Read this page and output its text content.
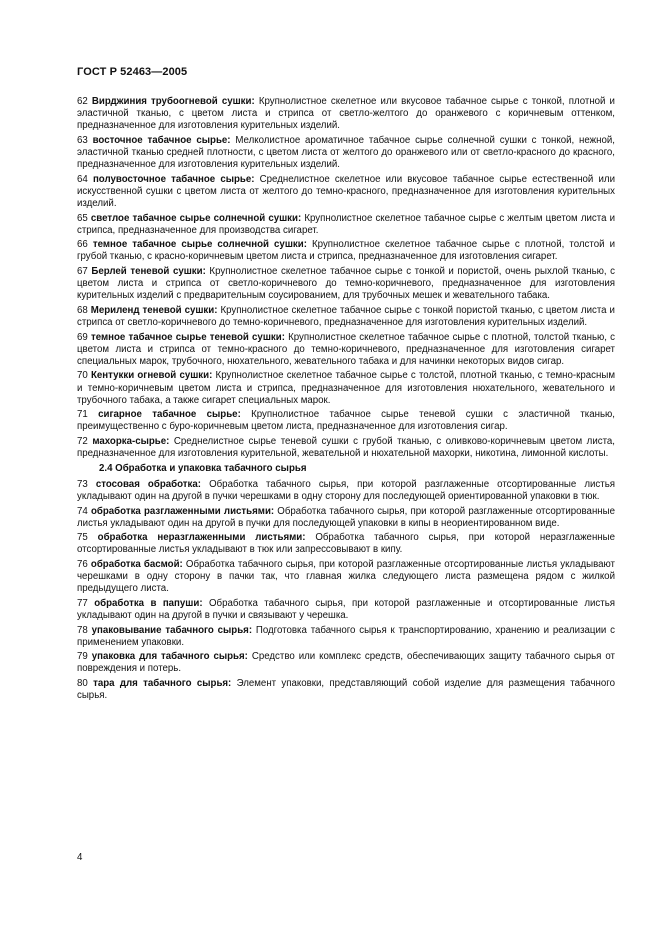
ГОСТ Р 52463—2005

62 Вирджиния трубоогневой сушки: Крупнолистное скелетное или вкусовое табачное сырье с тонкой, плотной и эластичной тканью, с цветом листа и стрипса от светло-желтого до оранжевого с коричневым оттенком, предназначенное для изготовления курительных изделий.

63 восточное табачное сырье: Мелколистное ароматичное табачное сырье солнечной сушки с тонкой, нежной, эластичной тканью средней плотности, с цветом листа от желтого до оранжевого или от светло-красного до красного, предназначенное для изготовления курительных изделий.

64 полувосточное табачное сырье: Среднелистное скелетное или вкусовое табачное сырье естественной или искусственной сушки с цветом листа от желтого до темно-красного, предназначенное для изготовления курительных изделий.

65 светлое табачное сырье солнечной сушки: Крупнолистное скелетное табачное сырье с желтым цветом листа и стрипса, предназначенное для производства сигарет.

66 темное табачное сырье солнечной сушки: Крупнолистное скелетное табачное сырье с плотной, толстой и грубой тканью, с красно-коричневым цветом листа и стрипса, предназначенное для изготовления сигарет.

67 Берлей теневой сушки: Крупнолистное скелетное табачное сырье с тонкой и пористой, очень рыхлой тканью, с цветом листа и стрипса от светло-коричневого до темно-коричневого, предназначенное для изготовления курительных изделий с предварительным соусированием, для трубочных мешек и жевательного табака.

68 Мериленд теневой сушки: Крупнолистное скелетное табачное сырье с тонкой пористой тканью, с цветом листа и стрипса от светло-коричневого до темно-коричневого, предназначенное для изготовления курительных изделий.

69 темное табачное сырье теневой сушки: Крупнолистное скелетное табачное сырье с плотной, толстой тканью, с цветом листа и стрипса от темно-красного до темно-коричневого, предназначенное для изготовления сигарет специальных марок, трубочного, нюхательного, жевательного табака и для начинки некоторых видов сигар.

70 Кентукки огневой сушки: Крупнолистное скелетное табачное сырье с толстой, плотной тканью, с темно-красным и темно-коричневым цветом листа и стрипса, предназначенное для изготовления нюхательного, жевательного и трубочного табака, а также сигарет специальных марок.

71 сигарное табачное сырье: Крупнолистное табачное сырье теневой сушки с эластичной тканью, преимущественно с буро-коричневым цветом листа, предназначенное для изготовления сигар.

72 махорка-сырье: Среднелистное сырье теневой сушки с грубой тканью, с оливково-коричневым цветом листа, предназначенное для изготовления курительной, жевательной и нюхательной махорки, никотина, лимонной кислоты.

2.4 Обработка и упаковка табачного сырья

73 стосовая обработка: Обработка табачного сырья, при которой разглаженные отсортированные листья укладывают один на другой в пучки черешками в одну сторону для последующей ориентированной упаковки в тюк.

74 обработка разглаженными листьями: Обработка табачного сырья, при которой разглаженные отсортированные листья укладывают один на другой в пучки для последующей упаковки в кипы в неориентированном виде.

75 обработка неразглаженными листьями: Обработка табачного сырья, при которой неразглаженные отсортированные листья укладывают в тюк или запрессовывают в кипу.

76 обработка басмой: Обработка табачного сырья, при которой разглаженные отсортированные листья укладывают черешками в одну сторону в пачки так, что главная жилка следующего листа размещена рядом с жилкой предыдущего листа.

77 обработка в папуши: Обработка табачного сырья, при которой разглаженные и отсортированные листья укладывают один на другой в пучки и связывают у черешка.

78 упаковывание табачного сырья: Подготовка табачного сырья к транспортированию, хранению и реализации с применением упаковки.

79 упаковка для табачного сырья: Средство или комплекс средств, обеспечивающих защиту табачного сырья от повреждения и потерь.

80 тара для табачного сырья: Элемент упаковки, представляющий собой изделие для размещения табачного сырья.

4
